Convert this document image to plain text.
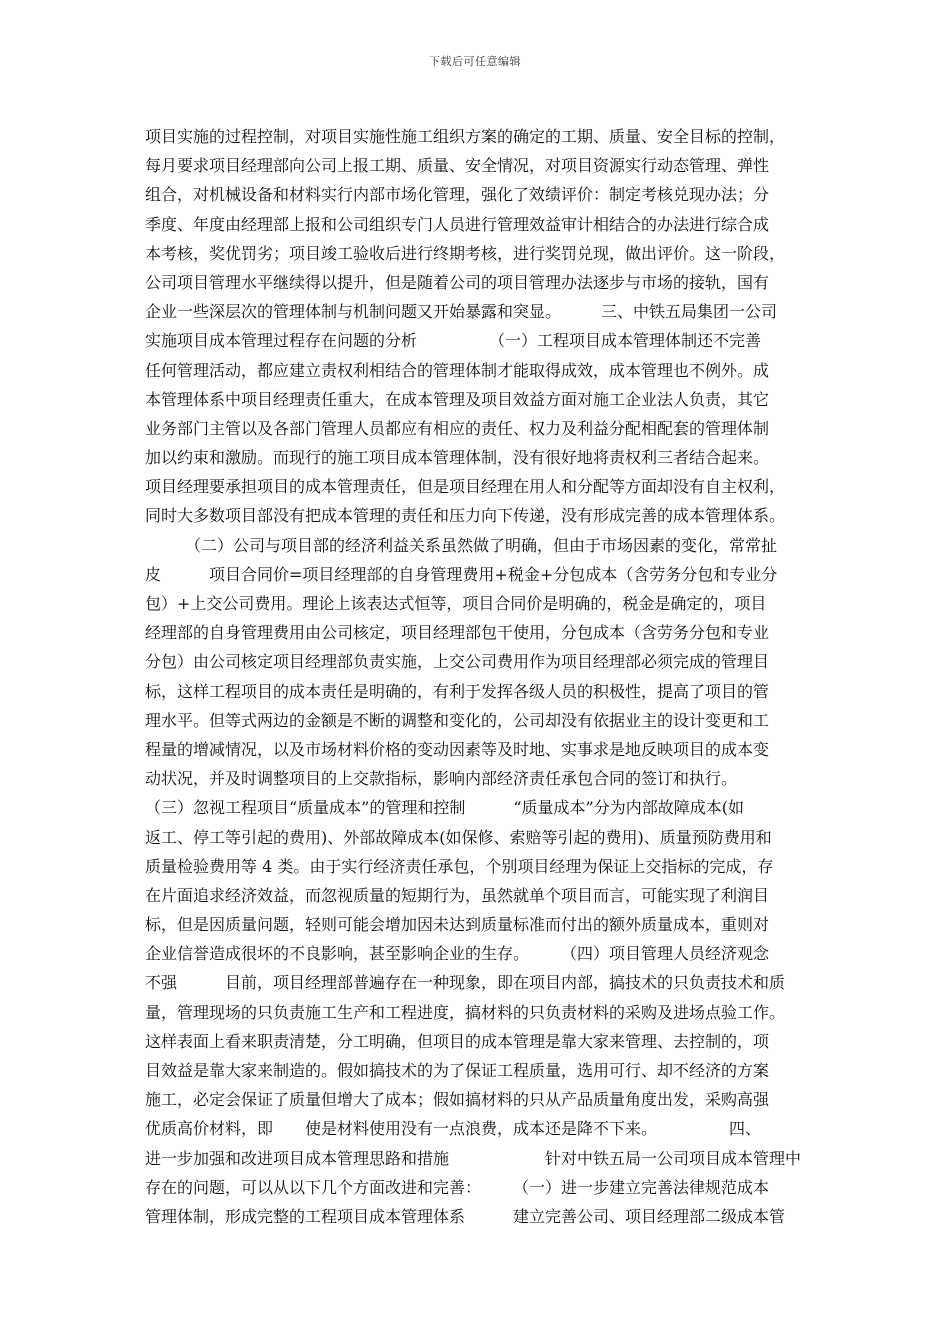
下载后可任意编辑
项目实施的过程控制，对项目实施性施工组织方案的确定的工期、质量、安全目标的控制，
每月要求项目经理部向公司上报工期、质量、安全情况，对项目资源实行动态管理、弹性
组合，对机械设备和材料实行内部市场化管理，强化了效绩评价：制定考核兑现办法；分
季度、年度由经理部上报和公司组织专门人员进行管理效益审计相结合的办法进行综合成
本考核，奖优罚劣；项目竣工验收后进行终期考核，进行奖罚兑现，做出评价。这一阶段，
公司项目管理水平继续得以提升，但是随着公司的项目管理办法逐步与市场的接轨，国有
企业一些深层次的管理体制与机制问题又开始暴露和突显。　　　三、中铁五局集团一公司
实施项目成本管理过程存在问题的分析　　　　　（一）工程项目成本管理体制还不完善
任何管理活动，都应建立责权利相结合的管理体制才能取得成效，成本管理也不例外。成
本管理体系中项目经理责任重大，在成本管理及项目效益方面对施工企业法人负责，其它
业务部门主管以及各部门管理人员都应有相应的责任、权力及利益分配相配套的管理体制
加以约束和激励。而现行的施工项目成本管理体制，没有很好地将责权利三者结合起来。
项目经理要承担项目的成本管理责任，但是项目经理在用人和分配等方面却没有自主权利，
同时大多数项目部没有把成本管理的责任和压力向下传递，没有形成完善的成本管理体系。
　　　（二）公司与项目部的经济利益关系虽然做了明确，但由于市场因素的变化，常常扯
皮　　　项目合同价=项目经理部的自身管理费用+税金+分包成本（含劳务分包和专业分
包）+上交公司费用。理论上该表达式恒等，项目合同价是明确的，税金是确定的，项目
经理部的自身管理费用由公司核定，项目经理部包干使用，分包成本（含劳务分包和专业
分包）由公司核定项目经理部负责实施，上交公司费用作为项目经理部必须完成的管理目
标，这样工程项目的成本责任是明确的，有利于发挥各级人员的积极性，提高了项目的管
理水平。但等式两边的金额是不断的调整和变化的，公司却没有依据业主的设计变更和工
程量的增减情况，以及市场材料价格的变动因素等及时地、实事求是地反映项目的成本变
动状况，并及时调整项目的上交款指标，影响内部经济责任承包合同的签订和执行。
（三）忽视工程项目“质量成本”的管理和控制　　　“质量成本”分为内部故障成本(如
返工、停工等引起的费用)、外部故障成本(如保修、索赔等引起的费用)、质量预防费用和
质量检验费用等 4 类。由于实行经济责任承包，个别项目经理为保证上交指标的完成，存
在片面追求经济效益，而忽视质量的短期行为，虽然就单个项目而言，可能实现了利润目
标，但是因质量问题，轻则可能会增加因未达到质量标准而付出的额外质量成本，重则对
企业信誉造成很坏的不良影响，甚至影响企业的生存。　　　（四）项目管理人员经济观念
不强　　　目前，项目经理部普遍存在一种现象，即在项目内部，搞技术的只负责技术和质
量，管理现场的只负责施工生产和工程进度，搞材料的只负责材料的采购及进场点验工作。
这样表面上看来职责清楚，分工明确，但项目的成本管理是靠大家来管理、去控制的，项
目效益是靠大家来制造的。假如搞技术的为了保证工程质量，选用可行、却不经济的方案
施工，必定会保证了质量但增大了成本；假如搞材料的只从产品质量角度出发，采购高强
优质高价材料，即　　使是材料使用没有一点浪费，成本还是降不下来。　　　　　四、
进一步加强和改进项目成本管理思路和措施　　　　　　针对中铁五局一公司项目成本管理中
存在的问题，可以从以下几个方面改进和完善：　　　（一）进一步建立完善法律规范成本
管理体制，形成完整的工程项目成本管理体系　　　建立完善公司、项目经理部二级成本管
